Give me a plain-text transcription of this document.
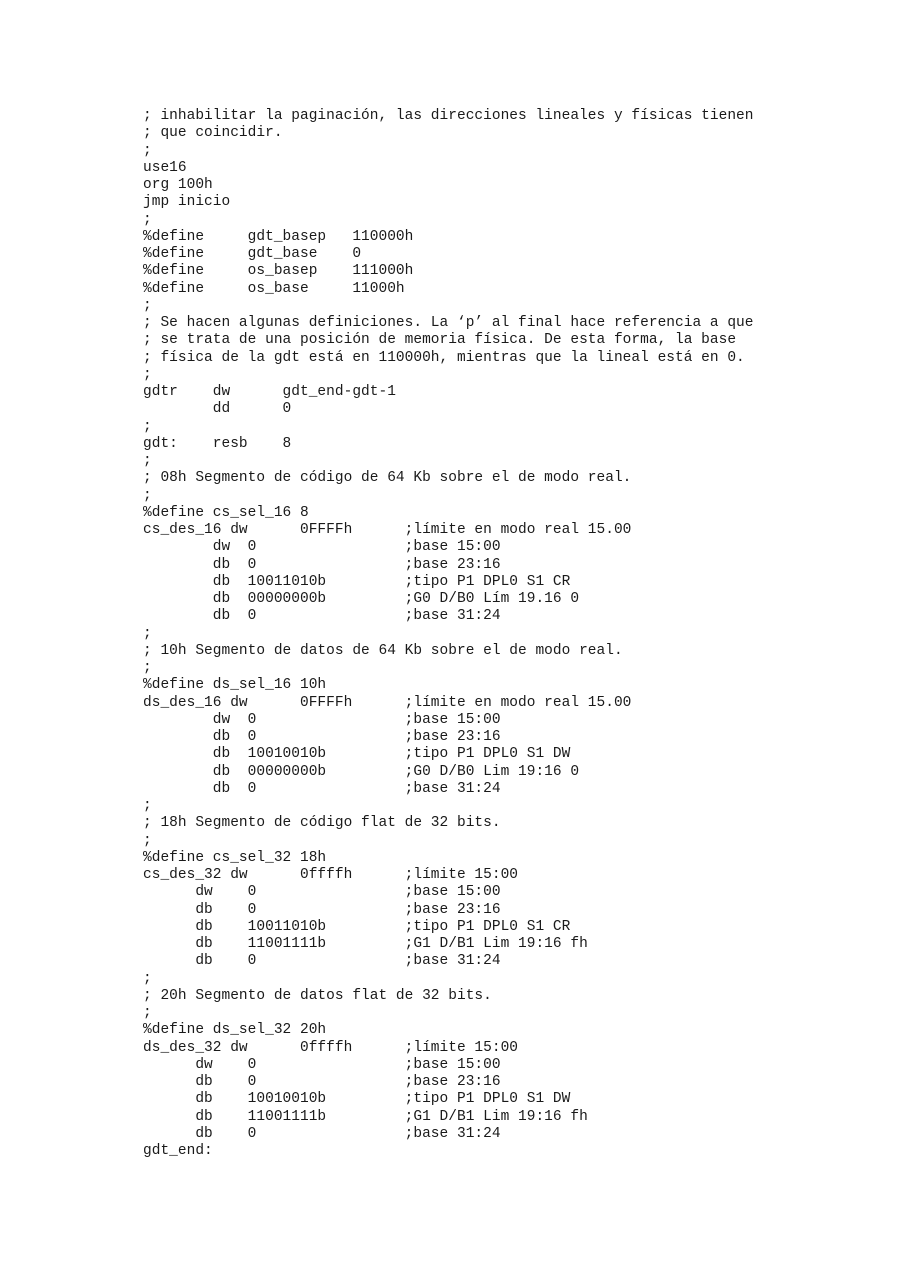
; inhabilitar la paginación, las direcciones lineales y físicas tienen
; que coincidir.
;
use16
org 100h
jmp inicio
;
%define     gdt_basep   110000h
%define     gdt_base    0
%define     os_basep    111000h
%define     os_base     11000h
;
; Se hacen algunas definiciones. La ‘p’ al final hace referencia a que
; se trata de una posición de memoria física. De esta forma, la base
; física de la gdt está en 110000h, mientras que la lineal está en 0.
;
gdtr    dw      gdt_end-gdt-1
dd      0
;
gdt:    resb    8
;
; 08h Segmento de código de 64 Kb sobre el de modo real.
;
%define cs_sel_16 8
cs_des_16 dw      0FFFFh      ;límite en modo real 15.00
dw  0                 ;base 15:00
db  0                 ;base 23:16
db  10011010b         ;tipo P1 DPL0 S1 CR
db  00000000b         ;G0 D/B0 Lím 19.16 0
db  0                 ;base 31:24
;
; 10h Segmento de datos de 64 Kb sobre el de modo real.
;
%define ds_sel_16 10h
ds_des_16 dw      0FFFFh      ;límite en modo real 15.00
dw  0                 ;base 15:00
db  0                 ;base 23:16
db  10010010b         ;tipo P1 DPL0 S1 DW
db  00000000b         ;G0 D/B0 Lim 19:16 0
db  0                 ;base 31:24
;
; 18h Segmento de código flat de 32 bits.
;
%define cs_sel_32 18h
cs_des_32 dw      0ffffh      ;límite 15:00
dw    0                 ;base 15:00
db    0                 ;base 23:16
db    10011010b         ;tipo P1 DPL0 S1 CR
db    11001111b         ;G1 D/B1 Lim 19:16 fh
db    0                 ;base 31:24
;
; 20h Segmento de datos flat de 32 bits.
;
%define ds_sel_32 20h
ds_des_32 dw      0ffffh      ;límite 15:00
dw    0                 ;base 15:00
db    0                 ;base 23:16
db    10010010b         ;tipo P1 DPL0 S1 DW
db    11001111b         ;G1 D/B1 Lim 19:16 fh
db    0                 ;base 31:24
gdt_end:
